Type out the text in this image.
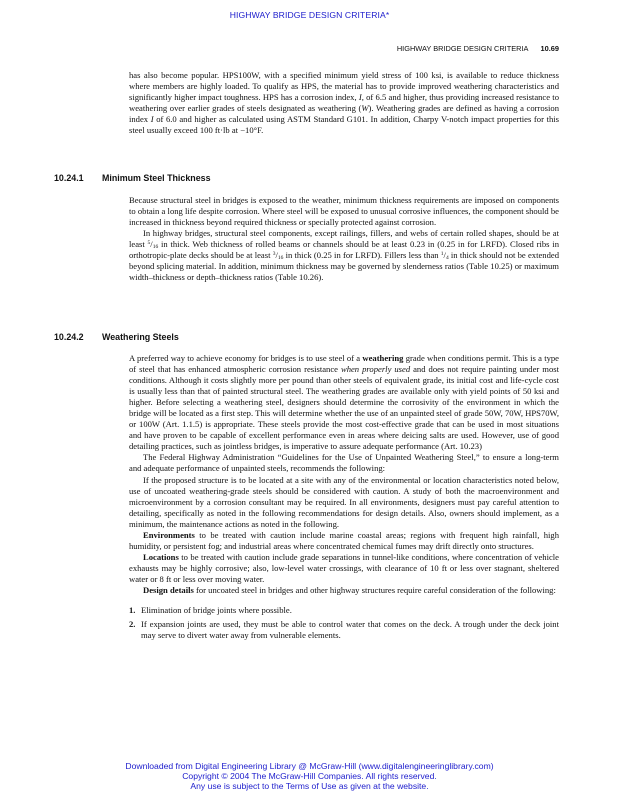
HIGHWAY BRIDGE DESIGN CRITERIA*
HIGHWAY BRIDGE DESIGN CRITERIA 10.69

has also become popular. HPS100W, with a specified minimum yield stress of 100 ksi, is available to reduce thickness where members are highly loaded. To qualify as HPS, the material has to provide improved weathering characteristics and significantly higher impact toughness. HPS has a corrosion index, I, of 6.5 and higher, thus providing increased resistance to weathering over earlier grades of steels designated as weathering (W). Weathering grades are defined as having a corrosion index I of 6.0 and higher as calculated using ASTM Standard G101. In addition, Charpy V-notch impact properties for this steel usually exceed 100 ft·lb at −10°F.

10.24.1 Minimum Steel Thickness

Because structural steel in bridges is exposed to the weather, minimum thickness requirements are imposed on components to obtain a long life despite corrosion. Where steel will be exposed to unusual corrosive influences, the component should be increased in thickness beyond required thickness or specially protected against corrosion.

In highway bridges, structural steel components, except railings, fillers, and webs of certain rolled shapes, should be at least $^5/_{16}$ in thick. Web thickness of rolled beams or channels should be at least 0.23 in (0.25 in for LRFD). Closed ribs in orthotropic-plate decks should be at least $^3/_{16}$ in thick (0.25 in for LRFD). Fillers less than $^1/_4$ in thick should not be extended beyond splicing material. In addition, minimum thickness may be governed by slenderness ratios (Table 10.25) or maximum width–thickness or depth–thickness ratios (Table 10.26).

10.24.2 Weathering Steels

A preferred way to achieve economy for bridges is to use steel of a weathering grade when conditions permit. This is a type of steel that has enhanced atmospheric corrosion resistance when properly used and does not require painting under most conditions. Although it costs slightly more per pound than other steels of equivalent grade, its initial cost and life-cycle cost is usually less than that of painted structural steel. The weathering grades are available only with yield points of 50 ksi and higher. Before selecting a weathering steel, designers should determine the corrosivity of the environment in which the bridge will be located as a first step. This will determine whether the use of an unpainted steel of grade 50W, 70W, HPS70W, or 100W (Art. 1.1.5) is appropriate. These steels provide the most cost-effective grade that can be used in most situations and have proven to be capable of excellent performance even in areas where deicing salts are used. However, use of good detailing practices, such as jointless bridges, is imperative to assure adequate performance (Art. 10.23)

The Federal Highway Administration “Guidelines for the Use of Unpainted Weathering Steel,” to ensure a long-term and adequate performance of unpainted steels, recommends the following:

If the proposed structure is to be located at a site with any of the environmental or location characteristics noted below, use of uncoated weathering-grade steels should be considered with caution. A study of both the macroenvironment and microenvironment by a corrosion consultant may be required. In all environments, designers must pay careful attention to detailing, specifically as noted in the following recommendations for design details. Also, owners should implement, as a minimum, the maintenance actions as noted in the following.

Environments to be treated with caution include marine coastal areas; regions with frequent high rainfall, high humidity, or persistent fog; and industrial areas where concentrated chemical fumes may drift directly onto structures.

Locations to be treated with caution include grade separations in tunnel-like conditions, where concentration of vehicle exhausts may be highly corrosive; also, low-level water crossings, with clearance of 10 ft or less over stagnant, sheltered water or 8 ft or less over moving water.

Design details for uncoated steel in bridges and other highway structures require careful consideration of the following:

1. Elimination of bridge joints where possible.

2. If expansion joints are used, they must be able to control water that comes on the deck. A trough under the deck joint may serve to divert water away from vulnerable elements.

Downloaded from Digital Engineering Library @ McGraw-Hill (www.digitalengineeringlibrary.com)
Copyright © 2004 The McGraw-Hill Companies. All rights reserved.
Any use is subject to the Terms of Use as given at the website.
